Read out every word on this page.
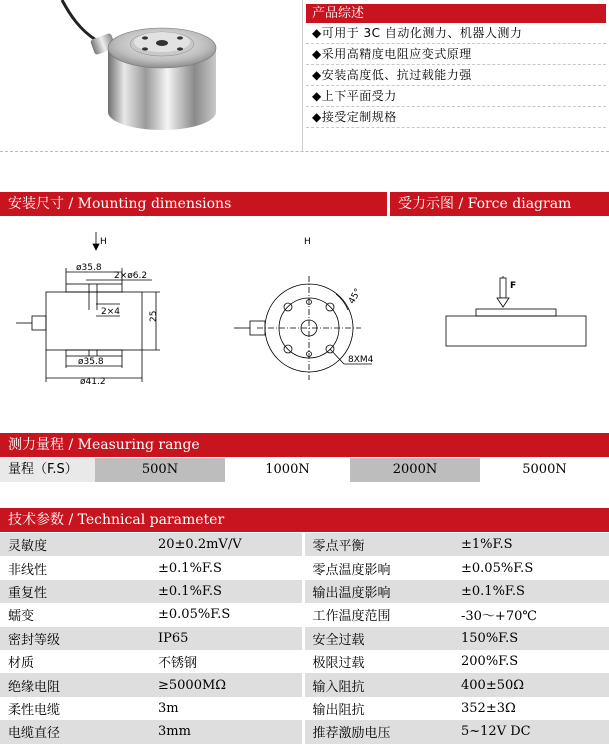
产品综述
◆可用于 3C 自动化测力、机器人测力
◆采用高精度电阻应变式原理
◆安装高度低、抗过载能力强
◆上下平面受力
◆接受定制规格
安装尺寸 / Mounting dimensions	受力示图 / Force diagram
H
ø35.8
2×ø6.2
2×4	25
ø35.8
ø41.2
H
45°
8XM4
F
测力量程 / Measuring range
量程（F.S）	500N	1000N	2000N	5000N
技术参数 / Technical parameter
灵敏度	20±0.2mV/V	零点平衡	±1%F.S
非线性	±0.1%F.S	零点温度影响	±0.05%F.S
重复性	±0.1%F.S	输出温度影响	±0.1%F.S
蠕变	±0.05%F.S	工作温度范围	-30～+70℃
密封等级	IP65	安全过载	150%F.S
材质	不锈钢	极限过载	200%F.S
绝缘电阻	≥5000MΩ	输入阻抗	400±50Ω
柔性电缆	3m	输出阻抗	352±3Ω
电缆直径	3mm	推荐激励电压	5~12V DC
